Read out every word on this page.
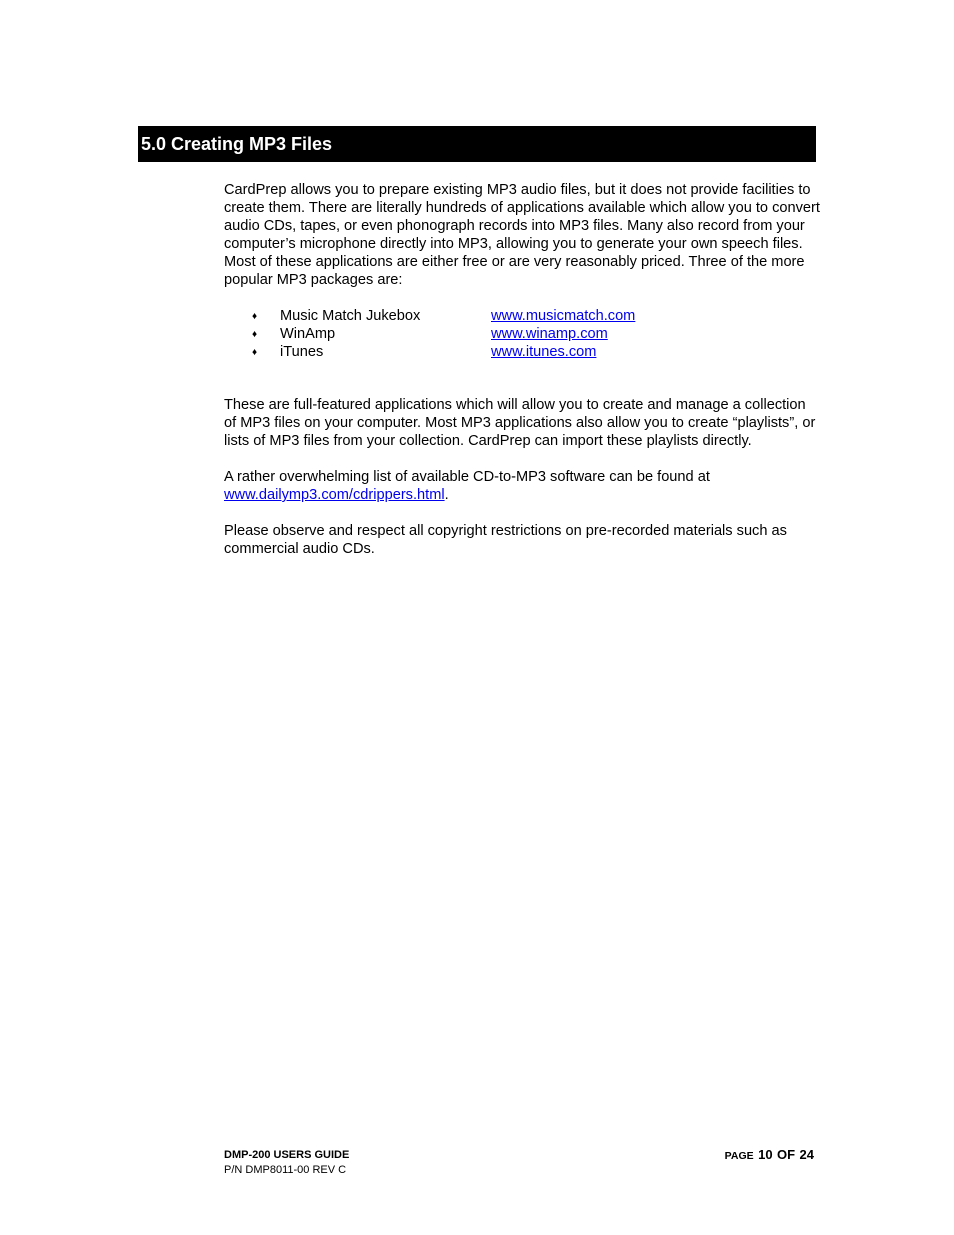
5.0 Creating MP3 Files

CardPrep allows you to prepare existing MP3 audio files, but it does not provide facilities to create them. There are literally hundreds of applications available which allow you to convert audio CDs, tapes, or even phonograph records into MP3 files. Many also record from your computer’s microphone directly into MP3, allowing you to generate your own speech files. Most of these applications are either free or are very reasonably priced. Three of the more popular MP3 packages are:

♦ Music Match Jukebox	www.musicmatch.com
♦ WinAmp	www.winamp.com
♦ iTunes	www.itunes.com

These are full-featured applications which will allow you to create and manage a collection of MP3 files on your computer. Most MP3 applications also allow you to create “playlists”, or lists of MP3 files from your collection. CardPrep can import these playlists directly.

A rather overwhelming list of available CD-to-MP3 software can be found at
www.dailymp3.com/cdrippers.html.

Please observe and respect all copyright restrictions on pre-recorded materials such as commercial audio CDs.

DMP-200 USERS GUIDE
P/N DMP8011-00 REV C
PAGE 10 OF 24
